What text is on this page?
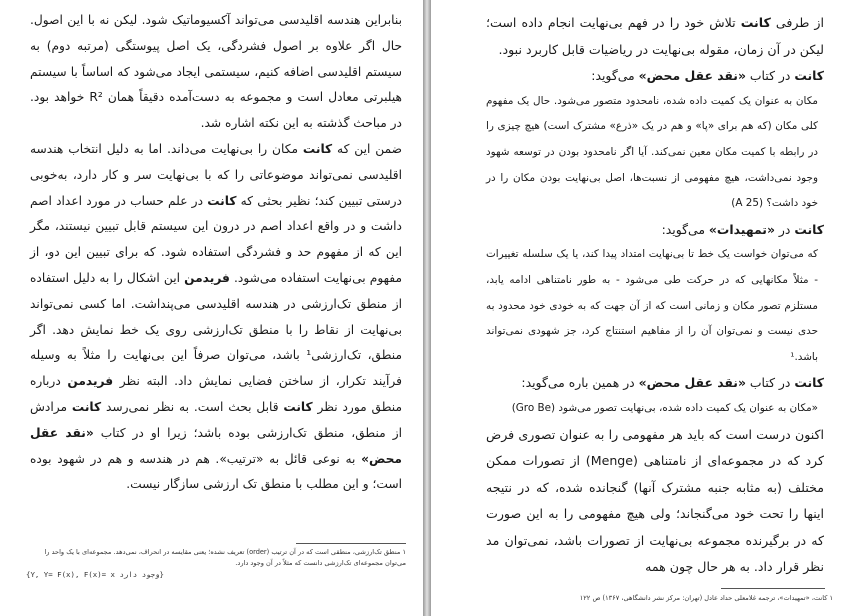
بنابراین هندسه اقلیدسی می‌تواند آکسیوماتیک شود. لیکن نه با این اصول. حال اگر علاوه بر اصول فشردگی، یک اصل پیوستگی (مرتبه دوم) به سیستم اقلیدسی اضافه کنیم، سیستمی ایجاد می‌شود که اساساً با سیستم هیلبرتی معادل است و مجموعه به دست‌آمده دقیقاً همان R² خواهد بود. در مباحث گذشته به این نکته اشاره شد.

ضمن این که کانت مکان را بی‌نهایت می‌داند. اما به دلیل انتخاب هندسه اقلیدسی نمی‌تواند موضوعاتی را که با بی‌نهایت سر و کار دارد، به‌خوبی درستی تبیین کند؛ نظیر بحثی که کانت در علم حساب در مورد اعداد اصم داشت و در واقع اعداد اصم در درون این سیستم قابل تبیین نیستند، مگر این که از مفهوم حد و فشردگی استفاده شود. که برای تبیین این دو، از مفهوم بی‌نهایت استفاده می‌شود. فریدمن این اشکال را به دلیل استفاده از منطق تک‌ارزشی در هندسه اقلیدسی می‌پنداشت. اما کسی نمی‌تواند بی‌نهایت از نقاط را با منطق تک‌ارزشی روی یک خط نمایش دهد. اگر منطق، تک‌ارزشی¹ باشد، می‌توان صرفاً این بی‌نهایت را مثلاً به وسیله فرآیند تکرار، از ساختن فضایی نمایش داد. البته نظر فریدمن درباره منطق مورد نظر کانت قابل بحث است. به نظر نمی‌رسد کانت مرادش از منطق، منطق تک‌ارزشی بوده باشد؛ زیرا او در کتاب «نقد عقل محض» به نوعی قائل به «ترتیب». هم در هندسه و هم در شهود بوده است؛ و این مطلب با منطق تک ارزشی سازگار نیست.

۱ منطق تک‌ارزشی، منطقی است که در آن ترتیب (order) تعریف نشده؛ یعنی مقایسه در انحراف، نمی‌دهد. مجموعه‌ای با یک واحد را می‌توان مجموعه‌ای تک‌ارزشی دانست که مثلاً در آن وجود دارد.
{Y, Y= F(x), F(x)= x وجود دارد}

از طرفی کانت تلاش خود را در فهم بی‌نهایت انجام داده است؛ لیکن در آن زمان، مقوله بی‌نهایت در ریاضیات قابل کاربرد نبود.

کانت در کتاب «نقد عقل محض» می‌گوید:

مکان به عنوان یک کمیت داده شده، نامحدود متصور می‌شود. حال یک مفهوم کلی مکان (که هم برای «پا» و هم در یک «ذرع» مشترک است) هیچ چیزی را در رابطه با کمیت مکان معین نمی‌کند. آیا اگر نامحدود بودن در توسعه شهود وجود نمی‌داشت، هیچ مفهومی از نسبت‌ها، اصل بی‌نهایت بودن مکان را در خود داشت؟ (A 25)

کانت در «تمهیدات» می‌گوید:

که می‌توان خواست یک خط تا بی‌نهایت امتداد پیدا کند، یا یک سلسله تغییرات - مثلاً مکانهایی که در حرکت طی می‌شود - به طور نامتناهی ادامه یابد، مستلزم تصور مکان و زمانی است که از آن جهت که به خودی خود محدود به حدی نیست و نمی‌توان آن را از مفاهیم استنتاج کرد، جز شهودی نمی‌تواند باشد.¹

کانت در کتاب «نقد عقل محض» در همین باره می‌گوید:

«مکان به عنوان یک کمیت داده شده، بی‌نهایت تصور می‌شود (Gro Be)

اکنون درست است که باید هر مفهومی را به عنوان تصوری فرض کرد که در مجموعه‌ای از نامتناهی (Menge) از تصورات ممکن مختلف (به مثابه جنبه مشترک آنها) گنجانده شده، که در نتیجه اینها را تحت خود می‌گنجاند؛ ولی هیچ مفهومی را به این صورت که در برگیرنده مجموعه بی‌نهایت از تصورات باشد، نمی‌توان مد نظر قرار داد. به هر حال چون همه

۱ کانت، «تمهیدات»، ترجمه غلامعلی حداد عادل (تهران: مرکز نشر دانشگاهی، ۱۳۶۷) ص ۱۲۲
